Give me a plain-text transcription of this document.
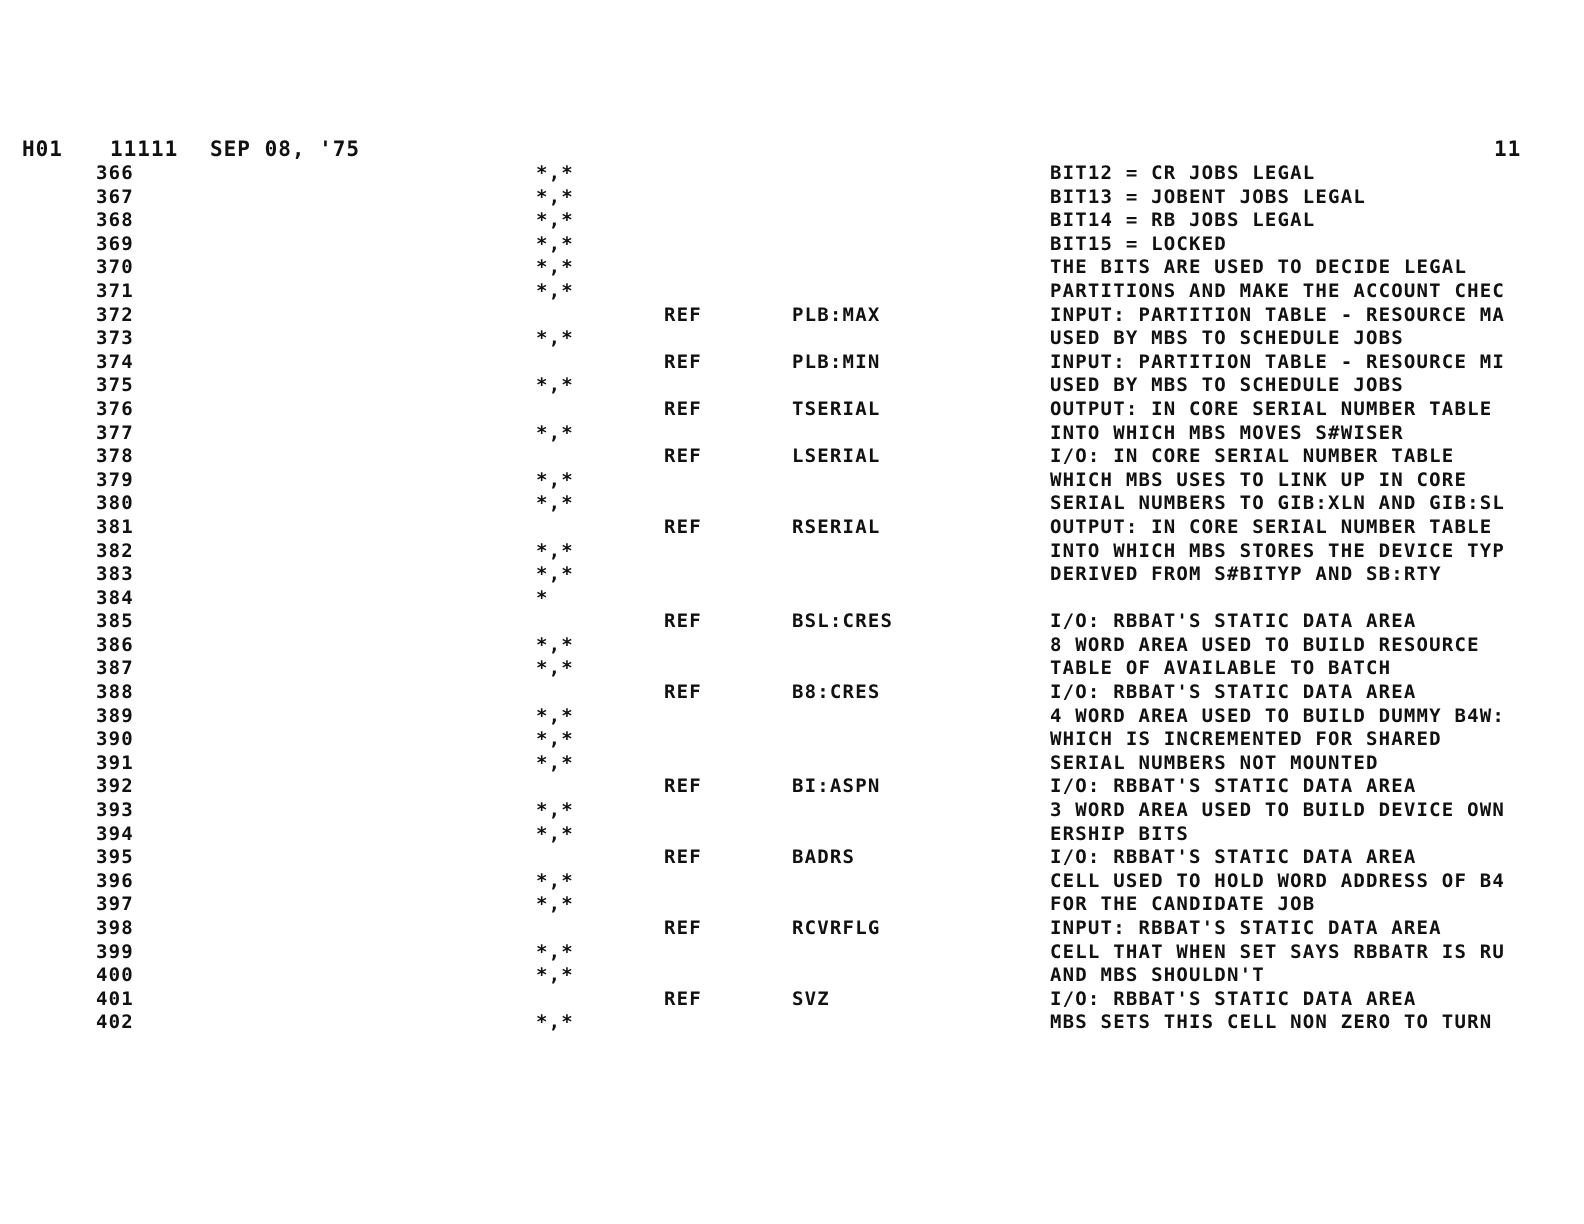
H01 11111 SEP 08, '75	11
366	*,*	BIT12 = CR JOBS LEGAL
367	*,*	BIT13 = JOBENT JOBS LEGAL
368	*,*	BIT14 = RB JOBS LEGAL
369	*,*	BIT15 = LOCKED
370	*,*	THE BITS ARE USED TO DECIDE LEGAL
371	*,*	PARTITIONS AND MAKE THE ACCOUNT CHEC
372	REF	PLB:MAX	INPUT: PARTITION TABLE - RESOURCE MA
373	*,*	USED BY MBS TO SCHEDULE JOBS
374	REF	PLB:MIN	INPUT: PARTITION TABLE - RESOURCE MI
375	*,*	USED BY MBS TO SCHEDULE JOBS
376	REF	TSERIAL	OUTPUT: IN CORE SERIAL NUMBER TABLE
377	*,*	INTO WHICH MBS MOVES S#WISER
378	REF	LSERIAL	I/O: IN CORE SERIAL NUMBER TABLE
379	*,*	WHICH MBS USES TO LINK UP IN CORE
380	*,*	SERIAL NUMBERS TO GIB:XLN AND GIB:SL
381	REF	RSERIAL	OUTPUT: IN CORE SERIAL NUMBER TABLE
382	*,*	INTO WHICH MBS STORES THE DEVICE TYP
383	*,*	DERIVED FROM S#BITYP AND SB:RTY
384	*
385	REF	BSL:CRES	I/O: RBBAT'S STATIC DATA AREA
386	*,*	8 WORD AREA USED TO BUILD RESOURCE
387	*,*	TABLE OF AVAILABLE TO BATCH
388	REF	B8:CRES	I/O: RBBAT'S STATIC DATA AREA
389	*,*	4 WORD AREA USED TO BUILD DUMMY B4W:
390	*,*	WHICH IS INCREMENTED FOR SHARED
391	*,*	SERIAL NUMBERS NOT MOUNTED
392	REF	BI:ASPN	I/O: RBBAT'S STATIC DATA AREA
393	*,*	3 WORD AREA USED TO BUILD DEVICE OWN
394	*,*	ERSHIP BITS
395	REF	BADRS	I/O: RBBAT'S STATIC DATA AREA
396	*,*	CELL USED TO HOLD WORD ADDRESS OF B4
397	*,*	FOR THE CANDIDATE JOB
398	REF	RCVRFLG	INPUT: RBBAT'S STATIC DATA AREA
399	*,*	CELL THAT WHEN SET SAYS RBBATR IS RU
400	*,*	AND MBS SHOULDN'T
401	REF	SVZ	I/O: RBBAT'S STATIC DATA AREA
402	*,*	MBS SETS THIS CELL NON ZERO TO TURN
